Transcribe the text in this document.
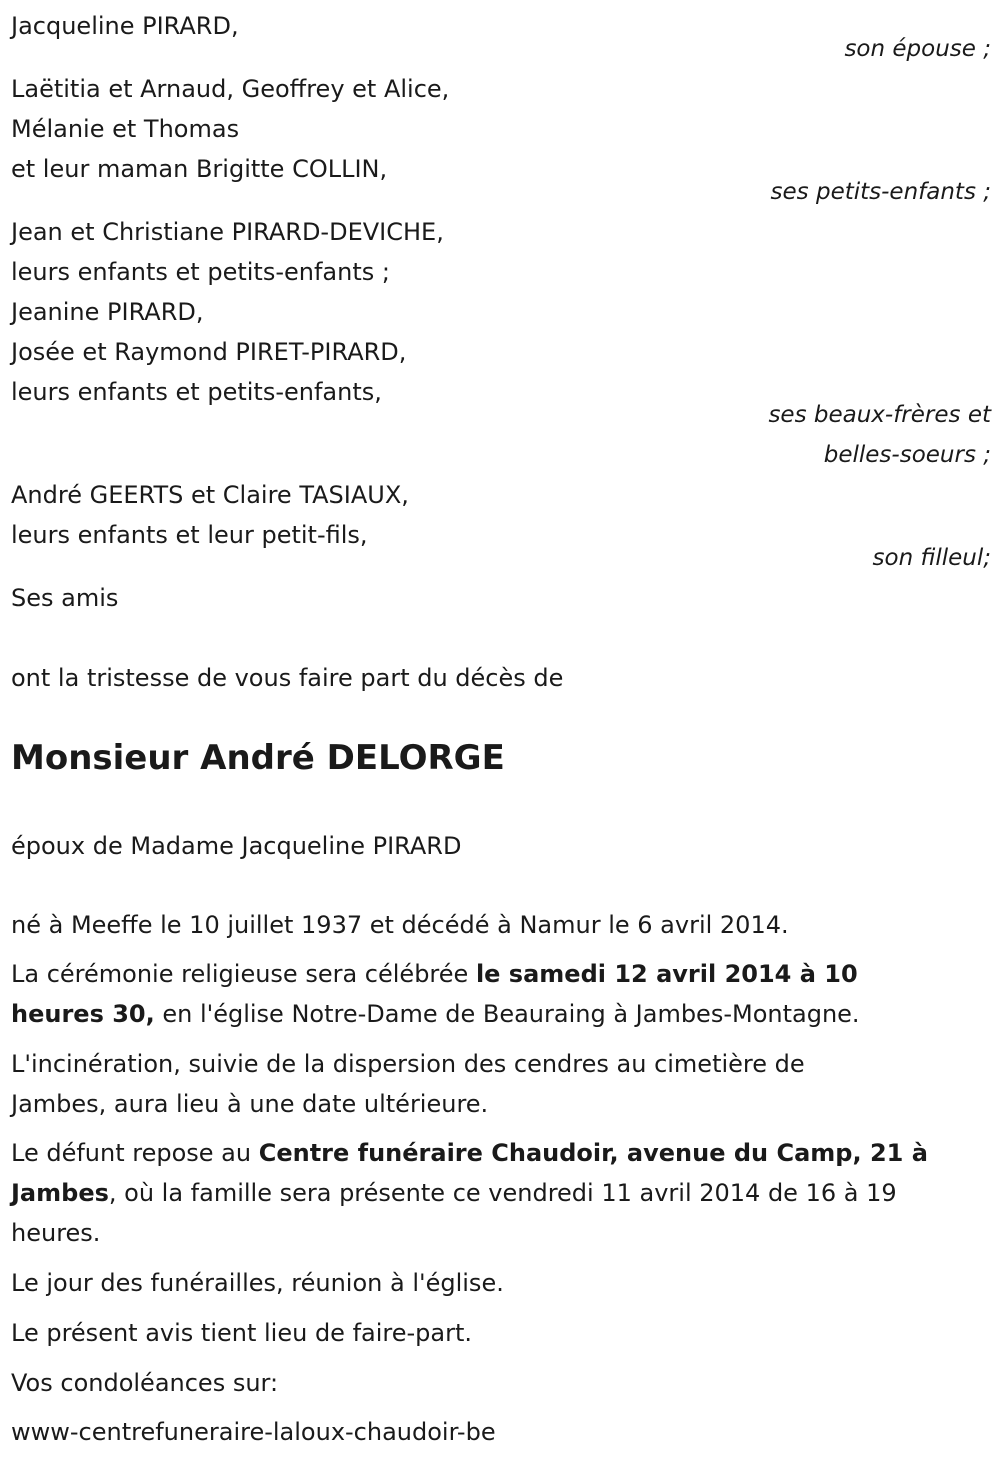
Jacqueline PIRARD,
son épouse ;
Laëtitia et Arnaud, Geoffrey et Alice,
Mélanie et Thomas
et leur maman Brigitte COLLIN,
ses petits-enfants ;
Jean et Christiane PIRARD-DEVICHE,
leurs enfants et petits-enfants ;
Jeanine PIRARD,
Josée et Raymond PIRET-PIRARD,
leurs enfants et petits-enfants,
ses beaux-frères et
belles-soeurs ;
André GEERTS et Claire TASIAUX,
leurs enfants et leur petit-fils,
son filleul;
Ses amis
ont la tristesse de vous faire part du décès de
Monsieur André DELORGE
époux de Madame Jacqueline PIRARD
né à Meeffe le 10 juillet 1937 et décédé à Namur le 6 avril 2014.
La cérémonie religieuse sera célébrée le samedi 12 avril 2014 à 10
heures 30, en l'église Notre-Dame de Beauraing à Jambes-Montagne.
L'incinération, suivie de la dispersion des cendres au cimetière de
Jambes, aura lieu à une date ultérieure.
Le défunt repose au Centre funéraire Chaudoir, avenue du Camp, 21 à
Jambes, où la famille sera présente ce vendredi 11 avril 2014 de 16 à 19
heures.
Le jour des funérailles, réunion à l'église.
Le présent avis tient lieu de faire-part.
Vos condoléances sur:
www-centrefuneraire-laloux-chaudoir-be
